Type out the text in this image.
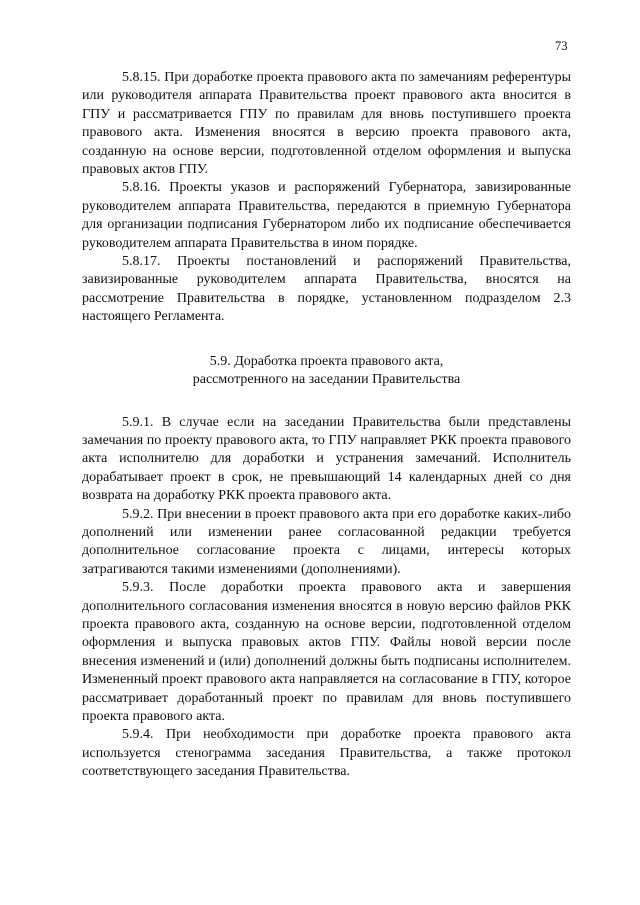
73

5.8.15. При доработке проекта правового акта по замечаниям референтуры или руководителя аппарата Правительства проект правового акта вносится в ГПУ и рассматривается ГПУ по правилам для вновь поступившего проекта правового акта. Изменения вносятся в версию проекта правового акта, созданную на основе версии, подготовленной отделом оформления и выпуска правовых актов ГПУ.

5.8.16. Проекты указов и распоряжений Губернатора, завизированные руководителем аппарата Правительства, передаются в приемную Губернатора для организации подписания Губернатором либо их подписание обеспечивается руководителем аппарата Правительства в ином порядке.

5.8.17. Проекты постановлений и распоряжений Правительства, завизированные руководителем аппарата Правительства, вносятся на рассмотрение Правительства в порядке, установленном подразделом 2.3 настоящего Регламента.

5.9. Доработка проекта правового акта,
рассмотренного на заседании Правительства

5.9.1. В случае если на заседании Правительства были представлены замечания по проекту правового акта, то ГПУ направляет РКК проекта правового акта исполнителю для доработки и устранения замечаний. Исполнитель дорабатывает проект в срок, не превышающий 14 календарных дней со дня возврата на доработку РКК проекта правового акта.

5.9.2. При внесении в проект правового акта при его доработке каких-либо дополнений или изменении ранее согласованной редакции требуется дополнительное согласование проекта с лицами, интересы которых затрагиваются такими изменениями (дополнениями).

5.9.3. После доработки проекта правового акта и завершения дополнительного согласования изменения вносятся в новую версию файлов РКК проекта правового акта, созданную на основе версии, подготовленной отделом оформления и выпуска правовых актов ГПУ. Файлы новой версии после внесения изменений и (или) дополнений должны быть подписаны исполнителем. Измененный проект правового акта направляется на согласование в ГПУ, которое рассматривает доработанный проект по правилам для вновь поступившего проекта правового акта.

5.9.4. При необходимости при доработке проекта правового акта используется стенограмма заседания Правительства, а также протокол соответствующего заседания Правительства.
